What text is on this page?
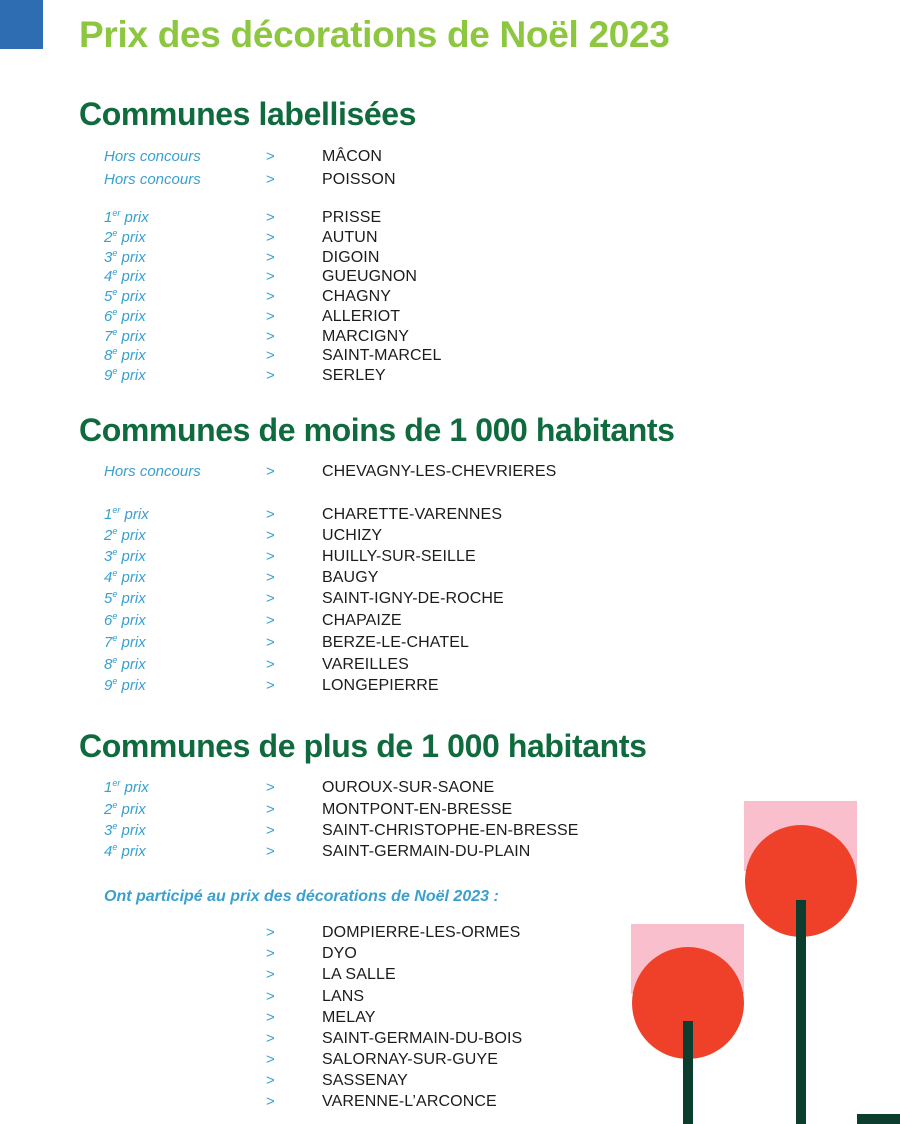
Prix des décorations de Noël 2023
Communes labellisées
Hors concours	>	MÂCON
Hors concours	>	POISSON
1er prix	>	PRISSE
2e prix	>	AUTUN
3e prix	>	DIGOIN
4e prix	>	GUEUGNON
5e prix	>	CHAGNY
6e prix	>	ALLERIOT
7e prix	>	MARCIGNY
8e prix	>	SAINT-MARCEL
9e prix	>	SERLEY
Communes de moins de 1 000 habitants
Hors concours	>	CHEVAGNY-LES-CHEVRIERES
1er prix	>	CHARETTE-VARENNES
2e prix	>	UCHIZY
3e prix	>	HUILLY-SUR-SEILLE
4e prix	>	BAUGY
5e prix	>	SAINT-IGNY-DE-ROCHE
6e prix	>	CHAPAIZE
7e prix	>	BERZE-LE-CHATEL
8e prix	>	VAREILLES
9e prix	>	LONGEPIERRE
Communes de plus de 1 000 habitants
1er prix	>	OUROUX-SUR-SAONE
2e prix	>	MONTPONT-EN-BRESSE
3e prix	>	SAINT-CHRISTOPHE-EN-BRESSE
4e prix	>	SAINT-GERMAIN-DU-PLAIN

Ont participé au prix des décorations de Noël 2023 :

>	DOMPIERRE-LES-ORMES
>	DYO
>	LA SALLE
>	LANS
>	MELAY
>	SAINT-GERMAIN-DU-BOIS
>	SALORNAY-SUR-GUYE
>	SASSENAY
>	VARENNE-L’ARCONCE
